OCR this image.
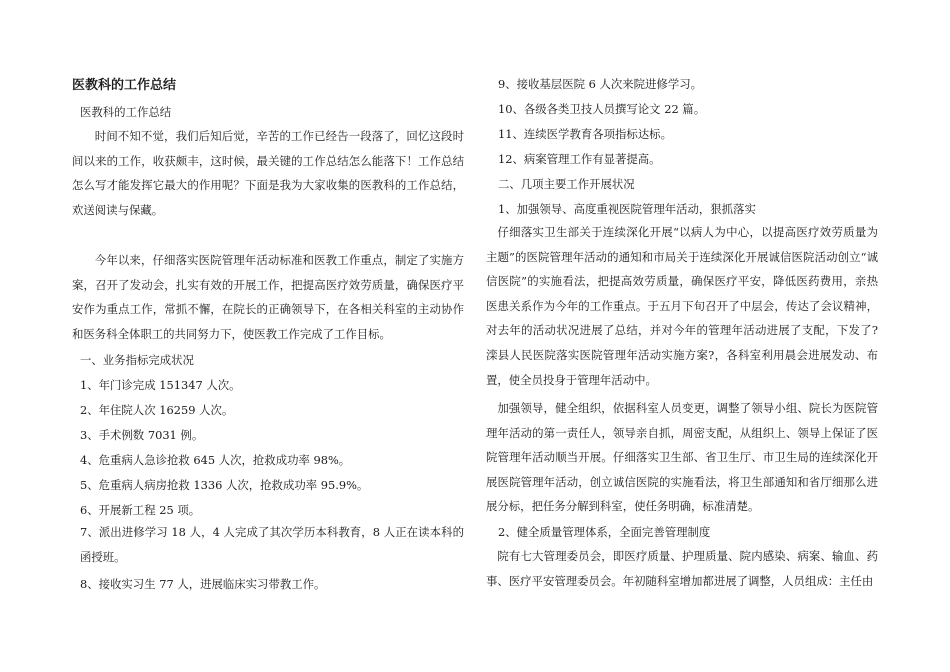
医教科的工作总结

医教科的工作总结

时间不知不觉，我们后知后觉，辛苦的工作已经告一段落了，回忆这段时间以来的工作，收获颇丰，这时候，最关键的工作总结怎么能落下！工作总结怎么写才能发挥它最大的作用呢？下面是我为大家收集的医教科的工作总结，欢送阅读与保藏。

今年以来，仔细落实医院管理年活动标准和医教工作重点，制定了实施方案，召开了发动会，扎实有效的开展工作，把提高医疗效劳质量，确保医疗平安作为重点工作，常抓不懈，在院长的正确领导下，在各相关科室的主动协作和医务科全体职工的共同努力下，使医教工作完成了工作目标。

一、业务指标完成状况

1、年门诊完成 151347 人次。

2、年住院人次 16259 人次。

3、手术例数 7031 例。

4、危重病人急诊抢救 645 人次，抢救成功率 98%。

5、危重病人病房抢救 1336 人次，抢救成功率 95.9%。

6、开展新工程 25 项。

7、派出进修学习 18 人，4 人完成了其次学历本科教育，8 人正在读本科的函授班。

8、接收实习生 77 人，进展临床实习带教工作。

9、接收基层医院 6 人次来院进修学习。

10、各级各类卫技人员撰写论文 22 篇。

11、连续医学教育各项指标达标。

12、病案管理工作有显著提高。

二、几项主要工作开展状况

1、加强领导、高度重视医院管理年活动，狠抓落实

仔细落实卫生部关于连续深化开展“以病人为中心，以提高医疗效劳质量为主题”的医院管理年活动的通知和市局关于连续深化开展诚信医院活动创立“诚信医院”的实施看法，把提高效劳质量，确保医疗平安，降低医药费用，亲热医患关系作为今年的工作重点。于五月下旬召开了中层会，传达了会议精神，对去年的活动状况进展了总结，并对今年的管理年活动进展了支配，下发了?滦县人民医院落实医院管理年活动实施方案?，各科室利用晨会进展发动、布置，使全员投身于管理年活动中。

加强领导，健全组织，依据科室人员变更，调整了领导小组、院长为医院管理年活动的第一责任人，领导亲自抓，周密支配，从组织上、领导上保证了医院管理年活动顺当开展。仔细落实卫生部、省卫生厅、市卫生局的连续深化开展医院管理年活动，创立诚信医院的实施看法，将卫生部通知和省厅细那么进展分标，把任务分解到科室，使任务明确，标准清楚。

2、健全质量管理体系，全面完善管理制度

院有七大管理委员会，即医疗质量、护理质量、院内感染、病案、输血、药事、医疗平安管理委员会。年初随科室增加都进展了调整，人员组成：主任由
